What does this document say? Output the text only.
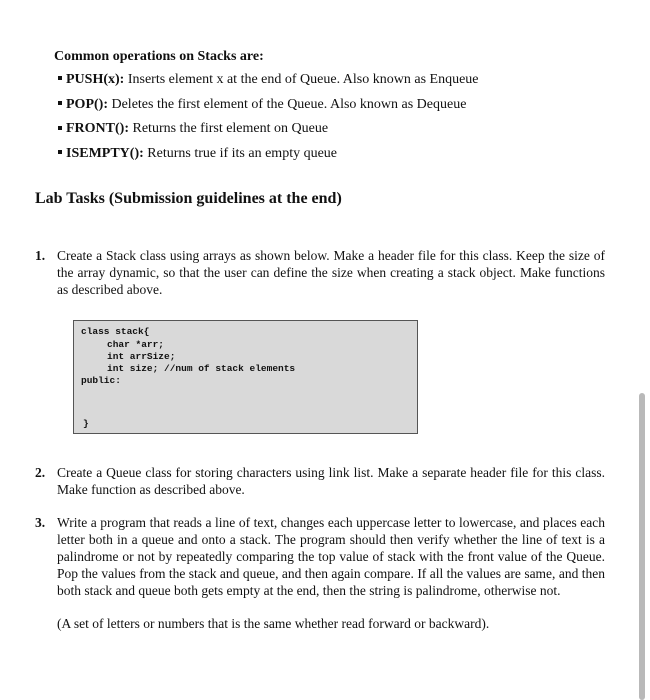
Common operations on Stacks are:
PUSH(x): Inserts element x at the end of Queue. Also known as Enqueue
POP(): Deletes the first element of the Queue. Also known as Dequeue
FRONT(): Returns the first element on Queue
ISEMPTY(): Returns true if its an empty queue
Lab Tasks (Submission guidelines at the end)
1. Create a Stack class using arrays as shown below. Make a header file for this class. Keep the size of the array dynamic, so that the user can define the size when creating a stack object. Make functions as described above.
class stack{
char *arr;
int arrSize;
int size; //num of stack elements
public:
}
2. Create a Queue class for storing characters using link list. Make a separate header file for this class. Make function as described above.
3. Write a program that reads a line of text, changes each uppercase letter to lowercase, and places each letter both in a queue and onto a stack. The program should then verify whether the line of text is a palindrome or not by repeatedly comparing the top value of stack with the front value of the Queue. Pop the values from the stack and queue, and then again compare. If all the values are same, and then both stack and queue both gets empty at the end, then the string is palindrome, otherwise not.
(A set of letters or numbers that is the same whether read forward or backward).
